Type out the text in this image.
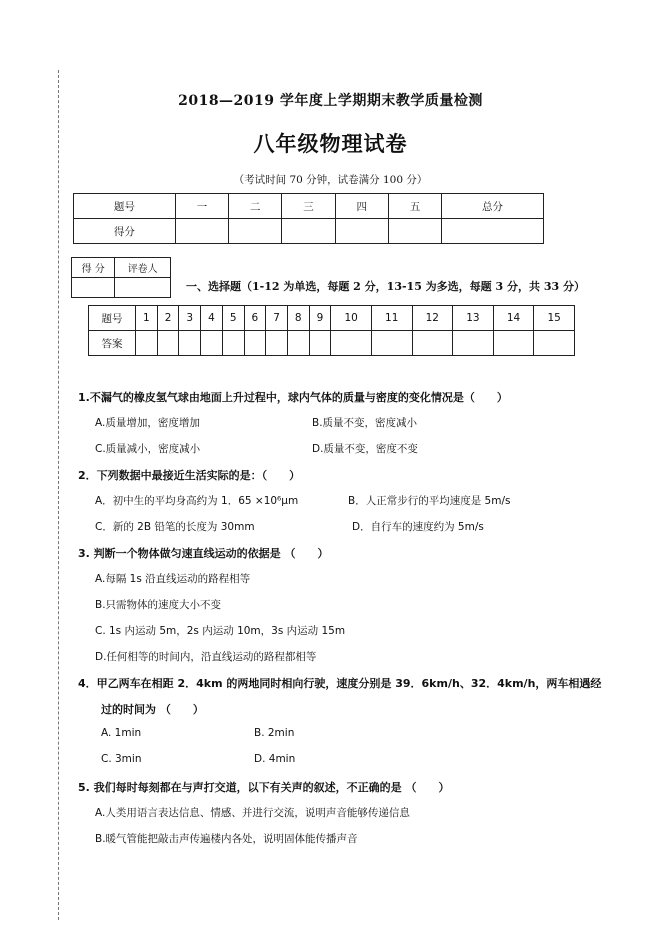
2018—2019 学年度上学期期末教学质量检测
八年级物理试卷
（考试时间 70 分钟，试卷满分 100 分）
题号	一	二	三	四	五	总分
得分						
得 分	评卷人

一、选择题（1-12 为单选，每题 2 分，13-15 为多选，每题 3 分，共 33 分）
题号	1	2	3	4	5	6	7	8	9	10	11	12	13	14	15
答案															
1.不漏气的橡皮氢气球由地面上升过程中，球内气体的质量与密度的变化情况是（　　）
A.质量增加，密度增加	B.质量不变，密度减小
C.质量减小，密度减小	D.质量不变，密度不变
2．下列数据中最接近生活实际的是：（　　）
A．初中生的平均身高约为 1．65 ×10⁶μm	B．人正常步行的平均速度是 5m/s
C．新的 2B 铅笔的长度为 30mm	D．自行车的速度约为 5m/s
3. 判断一个物体做匀速直线运动的依据是 （　　）
A.每隔 1s 沿直线运动的路程相等
B.只需物体的速度大小不变
C. 1s 内运动 5m，2s 内运动 10m，3s 内运动 15m
D.任何相等的时间内，沿直线运动的路程都相等
4．甲乙两车在相距 2．4km 的两地同时相向行驶，速度分别是 39．6km/h、32．4km/h，两车相遇经
过的时间为 （　　）
A. 1min	B. 2min
C. 3min	D. 4min
5. 我们每时每刻都在与声打交道，以下有关声的叙述，不正确的是 （　　）
A.人类用语言表达信息、情感、并进行交流，说明声音能够传递信息
B.暖气管能把敲击声传遍楼内各处，说明固体能传播声音
